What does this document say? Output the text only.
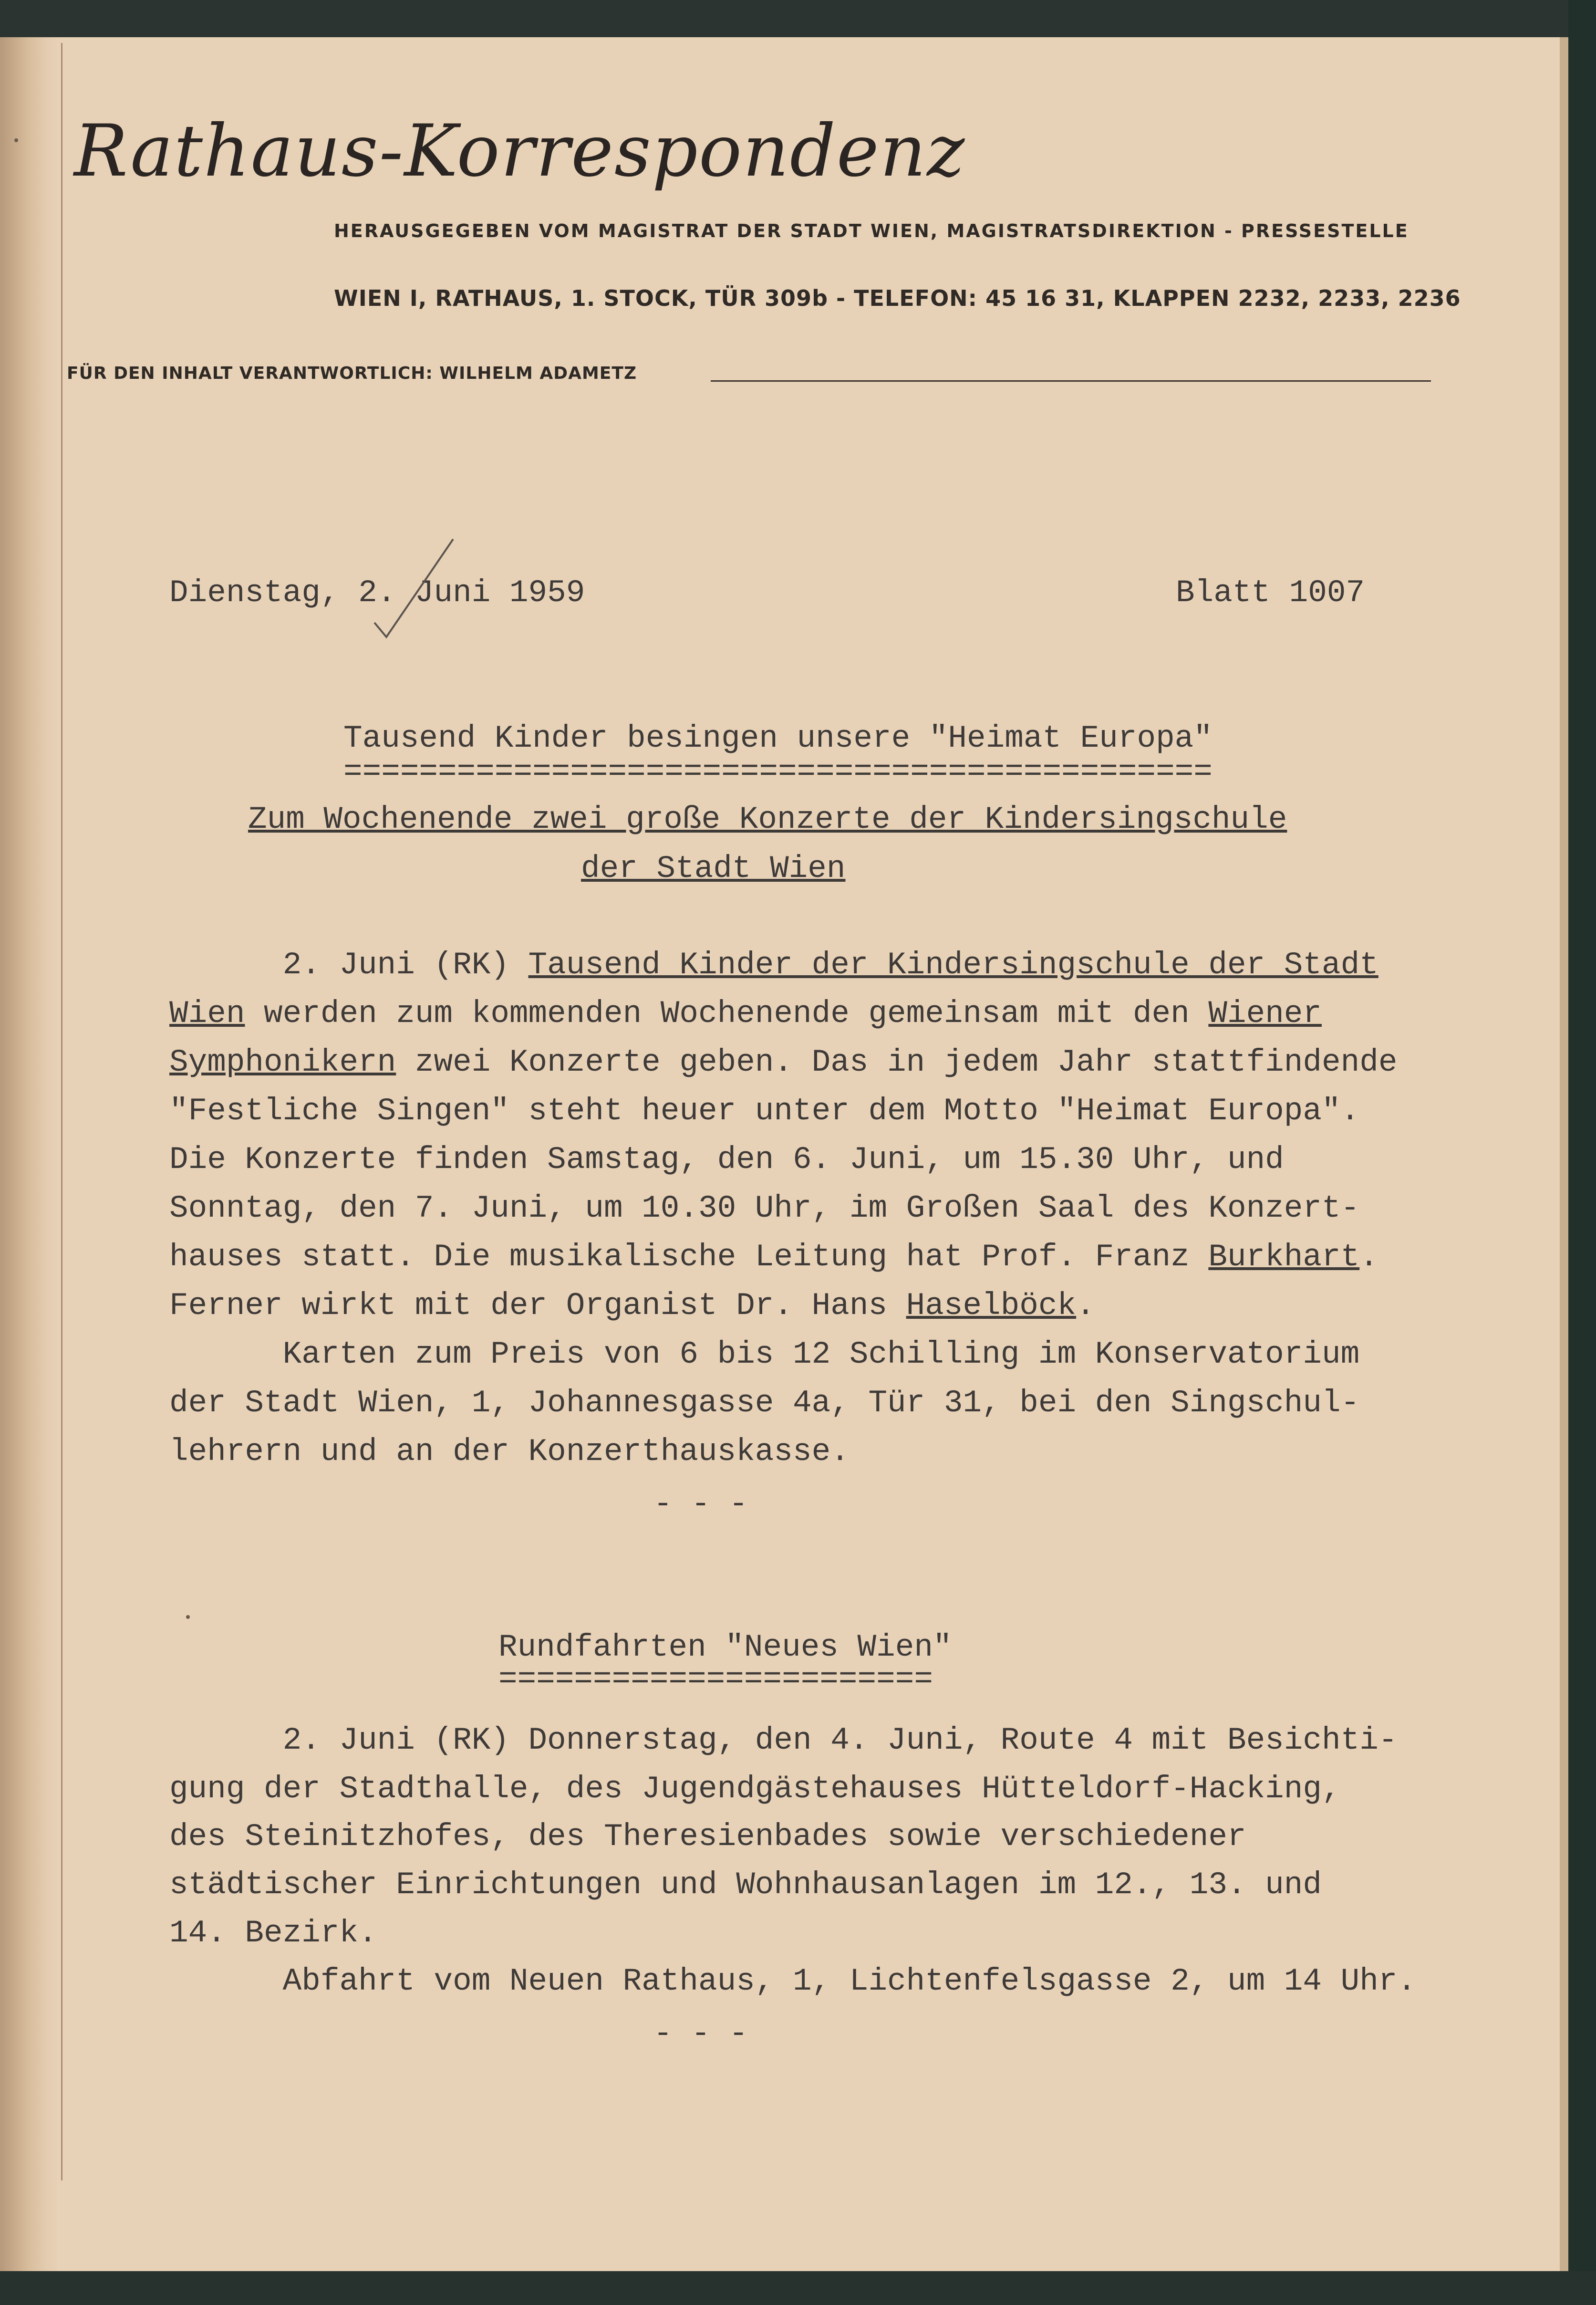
Rathaus-Korrespondenz
HERAUSGEGEBEN VOM MAGISTRAT DER STADT WIEN, MAGISTRATSDIREKTION - PRESSESTELLE
WIEN I, RATHAUS, 1. STOCK, TÜR 309b - TELEFON: 45 16 31, KLAPPEN 2232, 2233, 2236
FÜR DEN INHALT VERANTWORTLICH: WILHELM ADAMETZ
Dienstag, 2. Juni 1959	Blatt 1007
Tausend Kinder besingen unsere "Heimat Europa"
==============================================
Zum Wochenende zwei große Konzerte der Kindersingschule
der Stadt Wien
2. Juni (RK) Tausend Kinder der Kindersingschule der Stadt
Wien werden zum kommenden Wochenende gemeinsam mit den Wiener
Symphonikern zwei Konzerte geben. Das in jedem Jahr stattfindende
"Festliche Singen" steht heuer unter dem Motto "Heimat Europa".
Die Konzerte finden Samstag, den 6. Juni, um 15.30 Uhr, und
Sonntag, den 7. Juni, um 10.30 Uhr, im Großen Saal des Konzert-
hauses statt. Die musikalische Leitung hat Prof. Franz Burkhart.
Ferner wirkt mit der Organist Dr. Hans Haselböck.
Karten zum Preis von 6 bis 12 Schilling im Konservatorium
der Stadt Wien, 1, Johannesgasse 4a, Tür 31, bei den Singschul-
lehrern und an der Konzerthauskasse.
- - -
Rundfahrten "Neues Wien"
=======================
2. Juni (RK) Donnerstag, den 4. Juni, Route 4 mit Besichti-
gung der Stadthalle, des Jugendgästehauses Hütteldorf-Hacking,
des Steinitzhofes, des Theresienbades sowie verschiedener
städtischer Einrichtungen und Wohnhausanlagen im 12., 13. und
14. Bezirk.
Abfahrt vom Neuen Rathaus, 1, Lichtenfelsgasse 2, um 14 Uhr.
- - -
